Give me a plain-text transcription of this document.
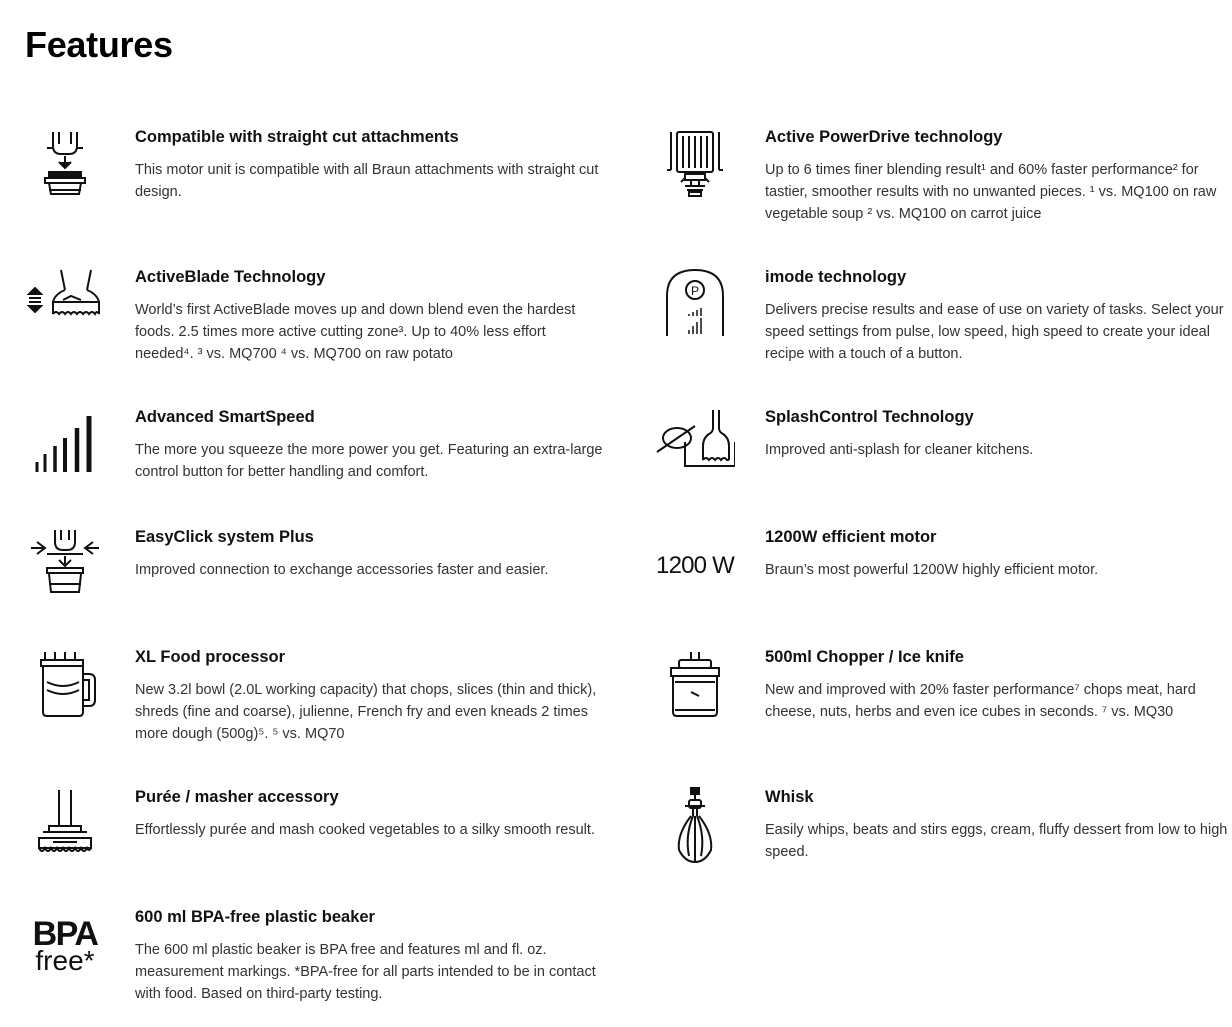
Features
Compatible with straight cut attachments
This motor unit is compatible with all Braun attachments with straight cut design.
Active PowerDrive technology
Up to 6 times finer blending result¹ and 60% faster performance² for tastier, smoother results with no unwanted pieces. ¹ vs. MQ100 on raw vegetable soup ² vs. MQ100 on carrot juice
ActiveBlade Technology
World’s first ActiveBlade moves up and down blend even the hardest foods. 2.5 times more active cutting zone³. Up to 40% less effort needed⁴. ³ vs. MQ700 ⁴ vs. MQ700 on raw potato
P
imode technology
Delivers precise results and ease of use on variety of tasks. Select your speed settings from pulse, low speed, high speed to create your ideal recipe with a touch of a button.
Advanced SmartSpeed
The more you squeeze the more power you get. Featuring an extra-large control button for better handling and comfort.
SplashControl Technology
Improved anti-splash for cleaner kitchens.
EasyClick system Plus
Improved connection to exchange accessories faster and easier.	1200 W
1200W efficient motor
Braun’s most powerful 1200W highly efficient motor.
XL Food processor
New 3.2l bowl (2.0L working capacity) that chops, slices (thin and thick), shreds (fine and coarse), julienne, French fry and even kneads 2 times more dough (500g)⁵. ⁵ vs. MQ70
500ml Chopper / Ice knife
New and improved with 20% faster performance⁷ chops meat, hard cheese, nuts, herbs and even ice cubes in seconds. ⁷ vs. MQ30
Purée / masher accessory
Effortlessly purée and mash cooked vegetables to a silky smooth result.
Whisk
Easily whips, beats and stirs eggs, cream, fluffy dessert from low to high speed.
BPA
free*
600 ml BPA-free plastic beaker
The 600 ml plastic beaker is BPA free and features ml and fl. oz. measurement markings. *BPA-free for all parts intended to be in contact with food. Based on third-party testing.
